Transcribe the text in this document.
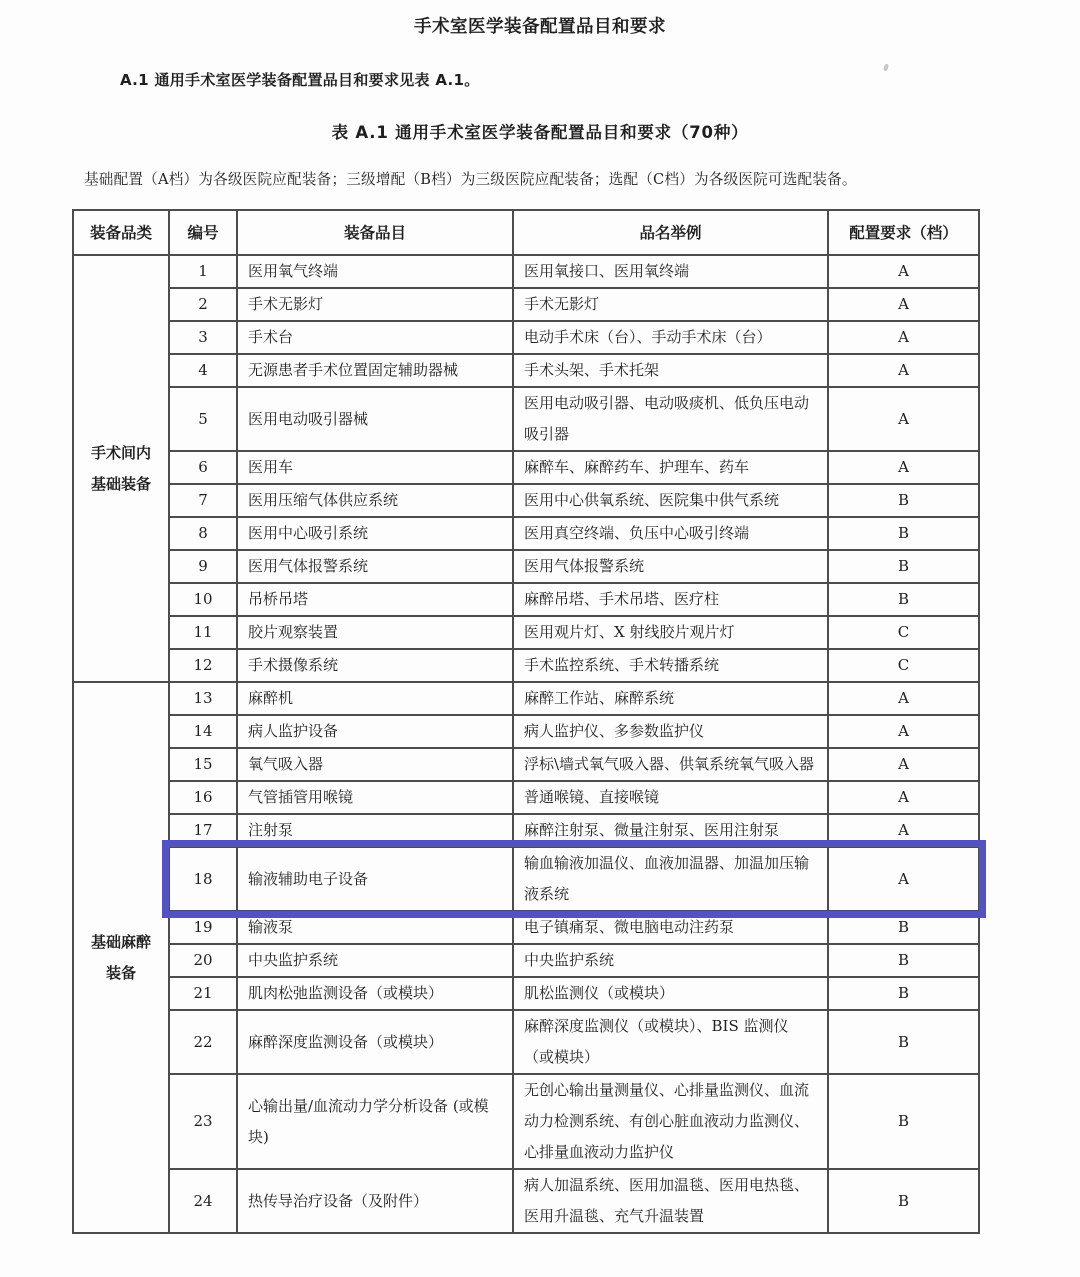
手术室医学装备配置品目和要求
A.1 通用手术室医学装备配置品目和要求见表 A.1。
表 A.1 通用手术室医学装备配置品目和要求（70种）
基础配置（A档）为各级医院应配装备；三级增配（B档）为三级医院应配装备；选配（C档）为各级医院可选配装备。
装备品类	编号	装备品目	品名举例	配置要求（档）
手术间内基础装备	1	医用氧气终端	医用氧接口、医用氧终端	A
	2	手术无影灯	手术无影灯	A
	3	手术台	电动手术床（台）、手动手术床（台）	A
	4	无源患者手术位置固定辅助器械	手术头架、手术托架	A
	5	医用电动吸引器械	医用电动吸引器、电动吸痰机、低负压电动吸引器	A
	6	医用车	麻醉车、麻醉药车、护理车、药车	A
	7	医用压缩气体供应系统	医用中心供氧系统、医院集中供气系统	B
	8	医用中心吸引系统	医用真空终端、负压中心吸引终端	B
	9	医用气体报警系统	医用气体报警系统	B
	10	吊桥吊塔	麻醉吊塔、手术吊塔、医疗柱	B
	11	胶片观察装置	医用观片灯、X 射线胶片观片灯	C
	12	手术摄像系统	手术监控系统、手术转播系统	C
基础麻醉装备	13	麻醉机	麻醉工作站、麻醉系统	A
	14	病人监护设备	病人监护仪、多参数监护仪	A
	15	氧气吸入器	浮标\墙式氧气吸入器、供氧系统氧气吸入器	A
	16	气管插管用喉镜	普通喉镜、直接喉镜	A
	17	注射泵	麻醉注射泵、微量注射泵、医用注射泵	A
	18	输液辅助电子设备	输血输液加温仪、血液加温器、加温加压输液系统	A
	19	输液泵	电子镇痛泵、微电脑电动注药泵	B
	20	中央监护系统	中央监护系统	B
	21	肌肉松弛监测设备（或模块）	肌松监测仪（或模块）	B
	22	麻醉深度监测设备（或模块）	麻醉深度监测仪（或模块）、BIS 监测仪（或模块）	B
	23	心输出量/血流动力学分析设备 (或模块)	无创心输出量测量仪、心排量监测仪、血流动力检测系统、有创心脏血液动力监测仪、心排量血液动力监护仪	B
	24	热传导治疗设备（及附件）	病人加温系统、医用加温毯、医用电热毯、医用升温毯、充气升温装置	B
